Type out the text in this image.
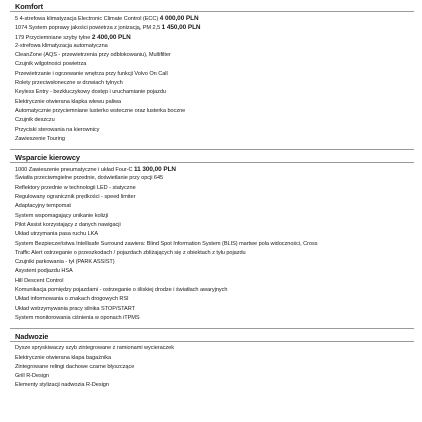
Komfort
5 4-strefowa klimatyzacja Electronic Climate Control (ECC) 4 000,00 PLN
1074 System poprawy jakości powietrza z jonizacją, PM 2,5 1 450,00 PLN
179 Przyciemniane szyby tylne 2 400,00 PLN
2-strefowa klimatyzacja automatyczna
CleanZone (AQS - przewietrzenia przy odblokowaniu), Multifilter
Czujnik wilgotności powietrza
Przewietrzanie i ogrzewanie wnętrza przy funkcji Volvo On Call
Rolety przeciwsłoneczne w drzwiach tylnych
Keyless Entry - bezkluczykowy dostęp i uruchamianie pojazdu
Elektrycznie otwierana klapka wlewu paliwa
Automatycznie przyciemniane lusterko wsteczne oraz lusterka boczne
Czujnik deszczu
Przyciski sterowania na kierownicy
Zawieszenie Touring
Wsparcie kierowcy
1000 Zawieszenie pneumatyczne i układ Four-C 11 300,00 PLN
Światła przeciwmgielne przednie, doświetlanie przy opcji 645
Reflektory przednie w technologii LED - statyczne
Regulowany ogranicznik prędkości - speed limiter
Adaptacyjny tempomat
System wspomagający unikanie kolizji
Pilot Assist korzystający z danych nawigacji
Układ utrzymania pasa ruchu LKA
System Bezpieczeństwa Intellisafe Surround zawiera: Blind Spot Information System (BLIS) martwe pola widoczności, Cross
Traffic Alert ostrzeganie o przeszkodach / pojazdach zbliżających się z obiektach z tyłu pojazdu
Czujniki parkowania - tył (PARK ASSIST)
Asystent podjazdu HSA
Hill Descent Control
Komunikacja pomiędzy pojazdami - ostrzeganie o śliskiej drodze i światłach awaryjnych
Układ informowania o znakach drogowych RSI
Układ wstrzymywania pracy silnika STOP/START
System monitorowania ciśnienia w oponach iTPMS
Nadwozie
Dysze spryskiwaczy szyb zintegrowane z ramionami wycieraczek
Elektrycznie otwierana klapa bagażnika
Zintegrowane relingi dachowe czarne błyszczące
Grill R-Design
Elementy stylizacji nadwozia R-Design
